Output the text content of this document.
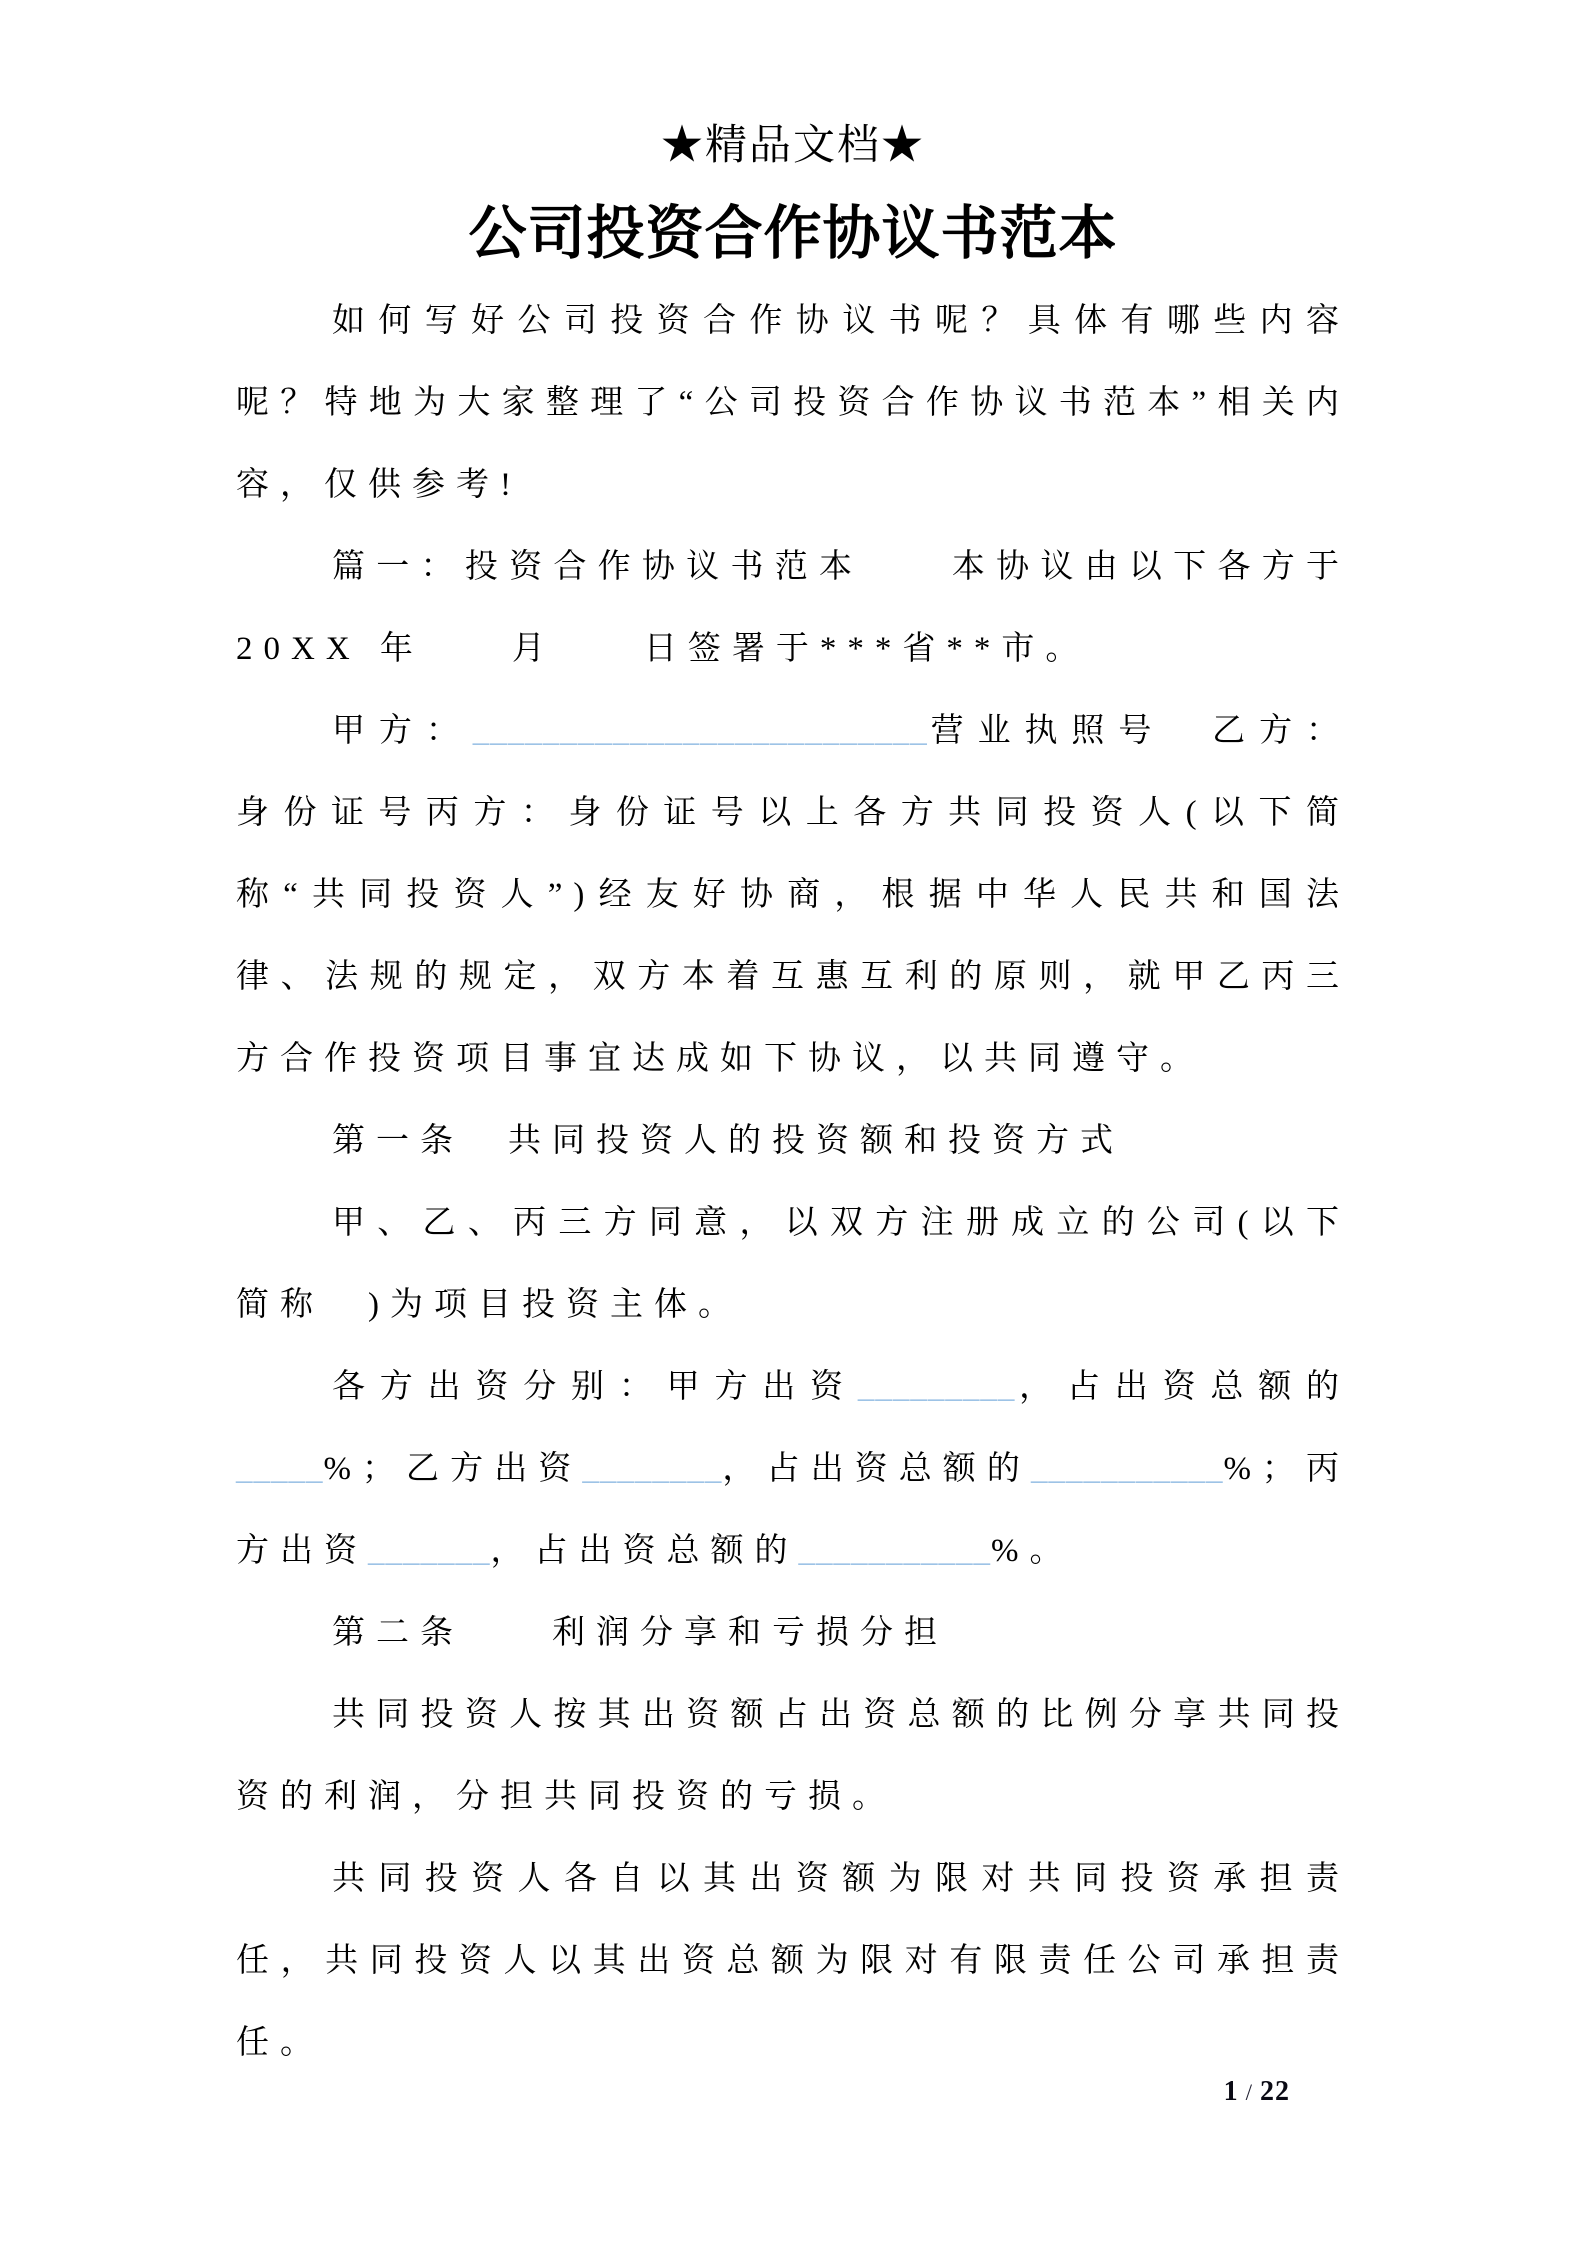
★精品文档★
公司投资合作协议书范本

如何写好公司投资合作协议书呢？具体有哪些内容呢？特地为大家整理了“公司投资合作协议书范本”相关内容，仅供参考!

篇一：投资合作协议书范本　　本协议由以下各方于 20XX 年　　月　　日签署于***省**市。

甲方：__________________________营业执照号　乙方：身份证号丙方：身份证号以上各方共同投资人(以下简称“共同投资人”)经友好协商，根据中华人民共和国法律、法规的规定，双方本着互惠互利的原则，就甲乙丙三方合作投资项目事宜达成如下协议，以共同遵守。

第一条　共同投资人的投资额和投资方式

甲、乙、丙三方同意，以双方注册成立的公司(以下简称　)为项目投资主体。

各方出资分别：甲方出资_________，占出资总额的_____%；乙方出资________，占出资总额的___________%；丙方出资_______，占出资总额的___________%。

第二条　　利润分享和亏损分担

共同投资人按其出资额占出资总额的比例分享共同投资的利润，分担共同投资的亏损。

共同投资人各自以其出资额为限对共同投资承担责任，共同投资人以其出资总额为限对有限责任公司承担责任。

1 / 22
